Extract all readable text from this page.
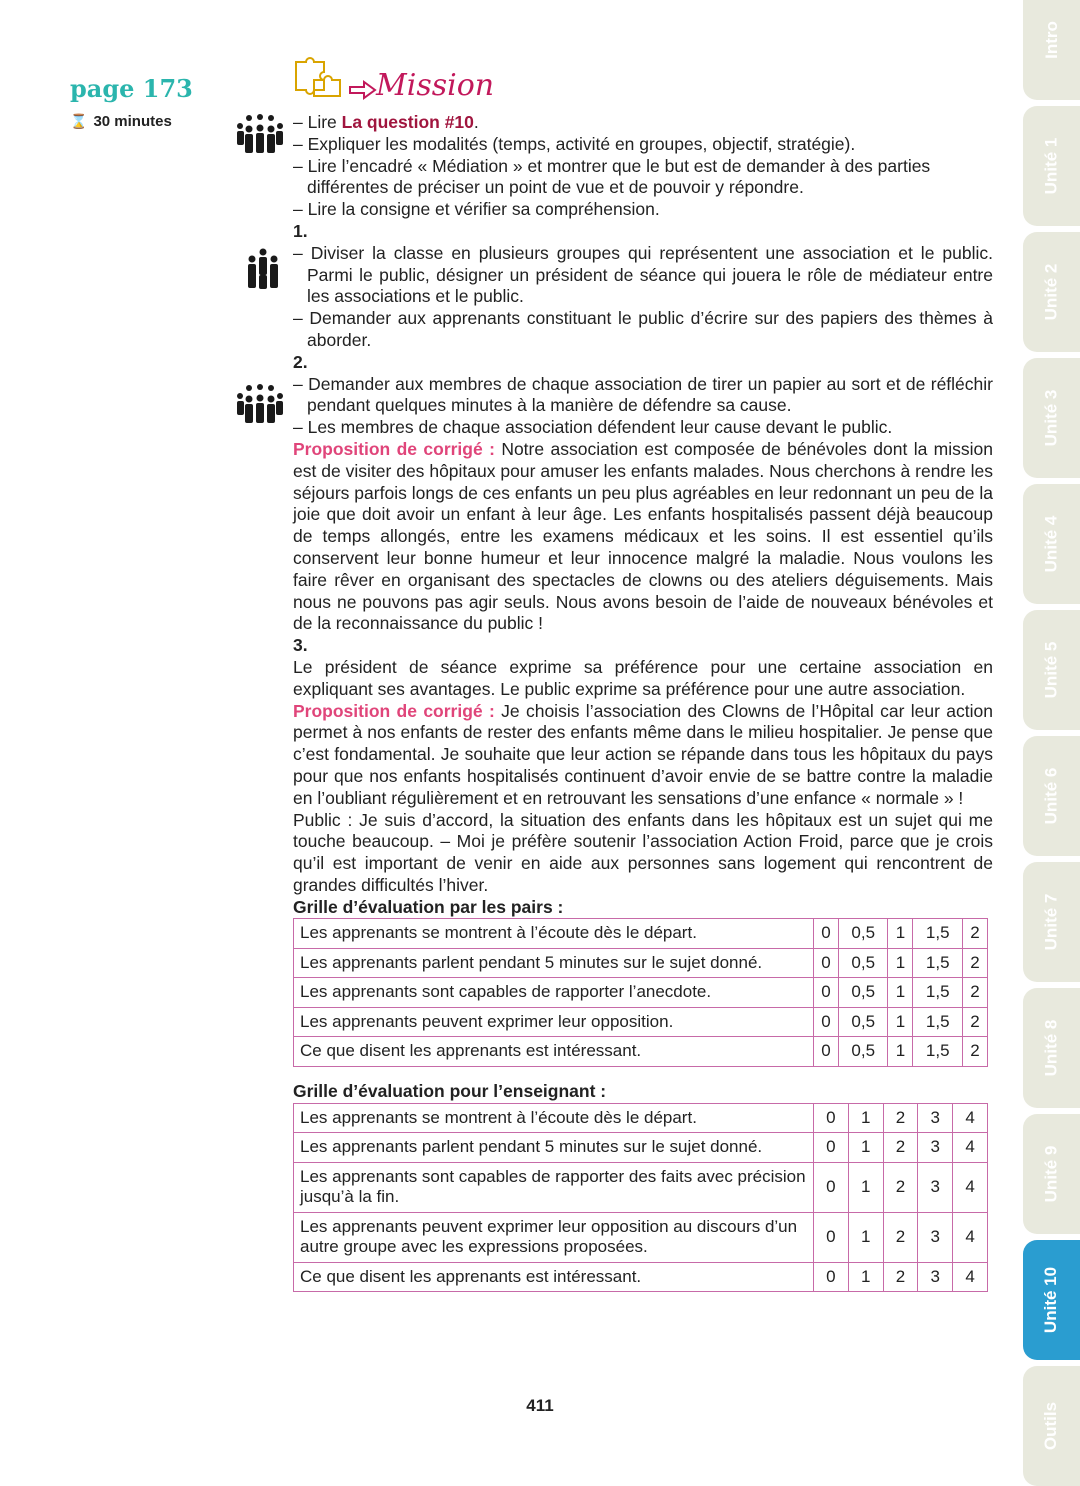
page 173
⌛ 30 minutes
Mission

– Lire La question #10.

– Expliquer les modalités (temps, activité en groupes, objectif, stratégie).

– Lire l’encadré « Médiation » et montrer que le but est de demander à des parties différentes de préciser un point de vue et de pouvoir y répondre.

– Lire la consigne et vérifier sa compréhension.

1.

– Diviser la classe en plusieurs groupes qui représentent une association et le public. Parmi le public, désigner un président de séance qui jouera le rôle de médiateur entre les associations et le public.

– Demander aux apprenants constituant le public d’écrire sur des papiers des thèmes à aborder.

2.

– Demander aux membres de chaque association de tirer un papier au sort et de réfléchir pendant quelques minutes à la manière de défendre sa cause.

– Les membres de chaque association défendent leur cause devant le public.

Proposition de corrigé : Notre association est composée de bénévoles dont la mission est de visiter des hôpitaux pour amuser les enfants malades. Nous cherchons à rendre les séjours parfois longs de ces enfants un peu plus agréables en leur redonnant un peu de la joie que doit avoir un enfant à leur âge. Les enfants hospitalisés passent déjà beaucoup de temps allongés, entre les examens médicaux et les soins. Il est essentiel qu’ils conservent leur bonne humeur et leur innocence malgré la maladie. Nous voulons les faire rêver en organisant des spectacles de clowns ou des ateliers déguisements. Mais nous ne pouvons pas agir seuls. Nous avons besoin de l’aide de nouveaux bénévoles et de la reconnaissance du public !

3.

Le président de séance exprime sa préférence pour une certaine association en expliquant ses avantages. Le public exprime sa préférence pour une autre association.

Proposition de corrigé : Je choisis l’association des Clowns de l’Hôpital car leur action permet à nos enfants de rester des enfants même dans le milieu hospitalier. Je pense que c’est fondamental. Je souhaite que leur action se répande dans tous les hôpitaux du pays pour que nos enfants hospitalisés continuent d’avoir envie de se battre contre la maladie en l’oubliant régulièrement et en retrouvant les sensations d’une enfance « normale » !

Public : Je suis d’accord, la situation des enfants dans les hôpitaux est un sujet qui me touche beaucoup. – Moi je préfère soutenir l’association Action Froid, parce que je crois qu’il est important de venir en aide aux personnes sans logement qui rencontrent de grandes difficultés l’hiver.

Grille d’évaluation par les pairs :

Les apprenants se montrent à l’écoute dès le départ.	0	0,5	1	1,5	2
Les apprenants parlent pendant 5 minutes sur le sujet donné.	0	0,5	1	1,5	2
Les apprenants sont capables de rapporter l’anecdote.	0	0,5	1	1,5	2
Les apprenants peuvent exprimer leur opposition.	0	0,5	1	1,5	2
Ce que disent les apprenants est intéressant.	0	0,5	1	1,5	2

Grille d’évaluation pour l’enseignant :

Les apprenants se montrent à l’écoute dès le départ.	0	1	2	3	4
Les apprenants parlent pendant 5 minutes sur le sujet donné.	0	1	2	3	4
Les apprenants sont capables de rapporter des faits avec précision jusqu’à la fin.	0	1	2	3	4
Les apprenants peuvent exprimer leur opposition au discours d’un autre groupe avec les expressions proposées.	0	1	2	3	4
Ce que disent les apprenants est intéressant.	0	1	2	3	4
411
Intro
Unité 1
Unité 2
Unité 3
Unité 4
Unité 5
Unité 6
Unité 7
Unité 8
Unité 9
Unité 10
Outils
